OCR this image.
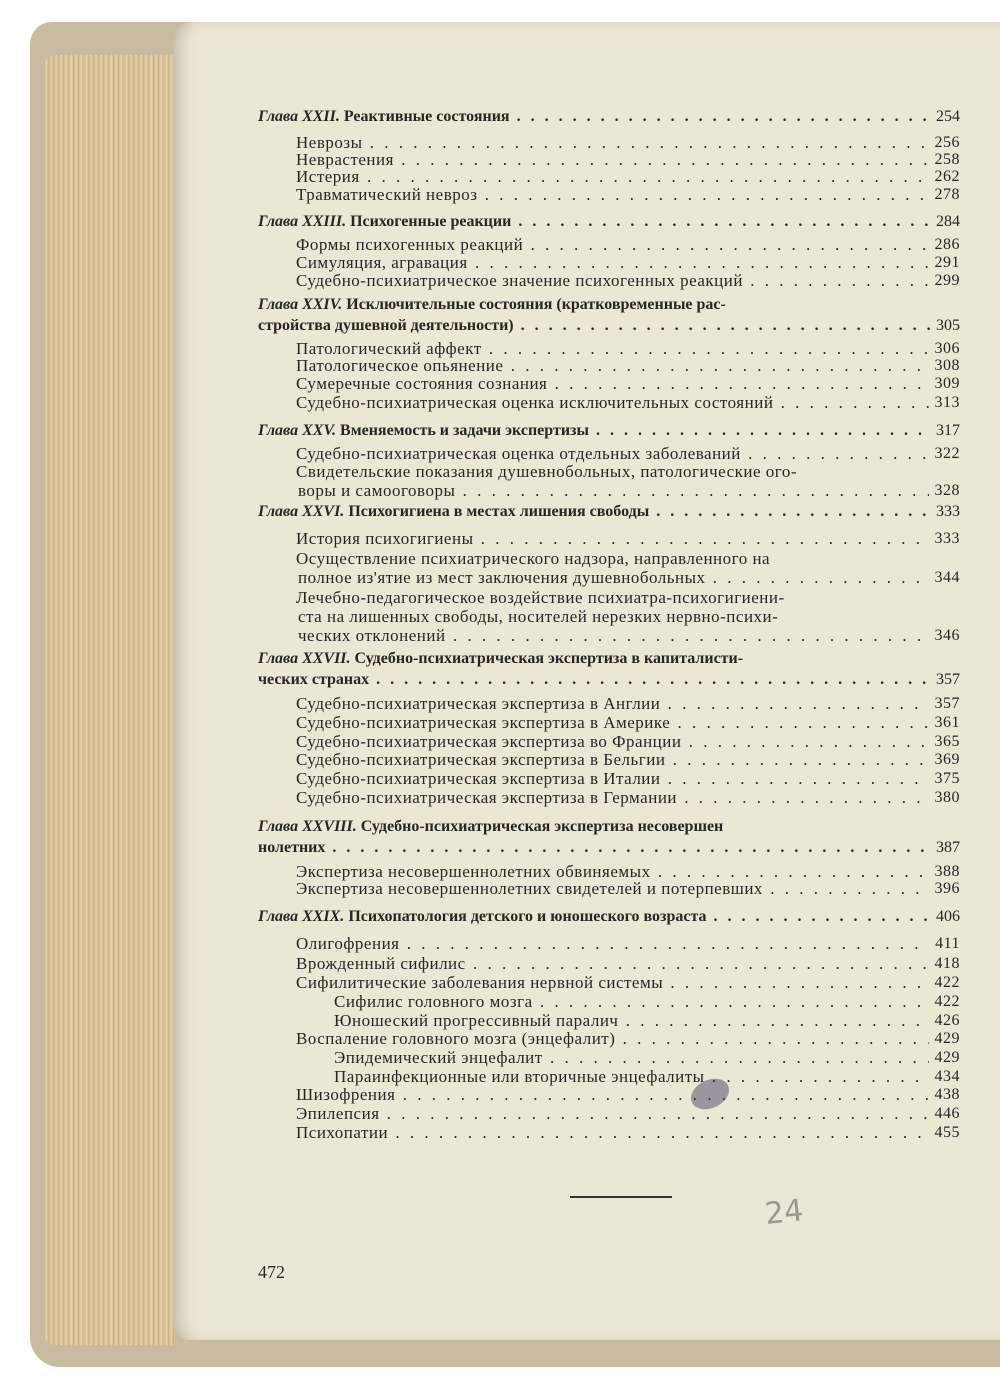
Глава XXII. Реактивные состояния . . .	254
Неврозы . . .	256
Неврастения . . .	258
Истерия . . .	262
Травматический невроз . . .	278
Глава XXIII. Психогенные реакции . . .	284
Формы психогенных реакций . . .	286
Симуляция, агравация . . .	291
Судебно-психиатрическое значение психогенных реакций . . .	299
Глава XXIV. Исключительные состояния (кратковременные рас-
стройства душевной деятельности) . . .	305
Патологический аффект . . .	306
Патологическое опьянение . . .	308
Сумеречные состояния сознания . . .	309
Судебно-психиатрическая оценка исключительных состояний . . .	313
Глава XXV. Вменяемость и задачи экспертизы . . .	317
Судебно-психиатрическая оценка отдельных заболеваний . . .	322
Свидетельские показания душевнобольных, патологические ого-
воры и самооговоры . . .	328
Глава XXVI. Психогигиена в местах лишения свободы . . .	333
История психогигиены . . .	333
Осуществление психиатрического надзора, направленного на
полное из'ятие из мест заключения душевнобольных . . .	344
Лечебно-педагогическое воздействие психиатра-психогигиени-
ста на лишенных свободы, носителей нерезких нервно-психи-
ческих отклонений . . .	346
Глава XXVII. Судебно-психиатрическая экспертиза в капиталисти-
ческих странах . . .	357
Судебно-психиатрическая экспертиза в Англии . . .	357
Судебно-психиатрическая экспертиза в Америке . . .	361
Судебно-психиатрическая экспертиза во Франции . . .	365
Судебно-психиатрическая экспертиза в Бельгии . . .	369
Судебно-психиатрическая экспертиза в Италии . . .	375
Судебно-психиатрическая экспертиза в Германии . . .	380
Глава XXVIII. Судебно-психиатрическая экспертиза несовершен
нолетних . . .	387
Экспертиза несовершеннолетних обвиняемых . . .	388
Экспертиза несовершеннолетних свидетелей и потерпевших . . .	396
Глава XXIX. Психопатология детского и юношеского возраста . . .	406
Олигофрения . . .	411
Врожденный сифилис . . .	418
Сифилитические заболевания нервной системы . . .	422
Сифилис головного мозга . . .	422
Юношеский прогрессивный паралич . . .	426
Воспаление головного мозга (энцефалит) . . .	429
Эпидемический энцефалит . . .	429
Параинфекционные или вторичные энцефалиты . . .	434
Шизофрения . . .	438
Эпилепсия . . .	446
Психопатии . . .	455
24
472
